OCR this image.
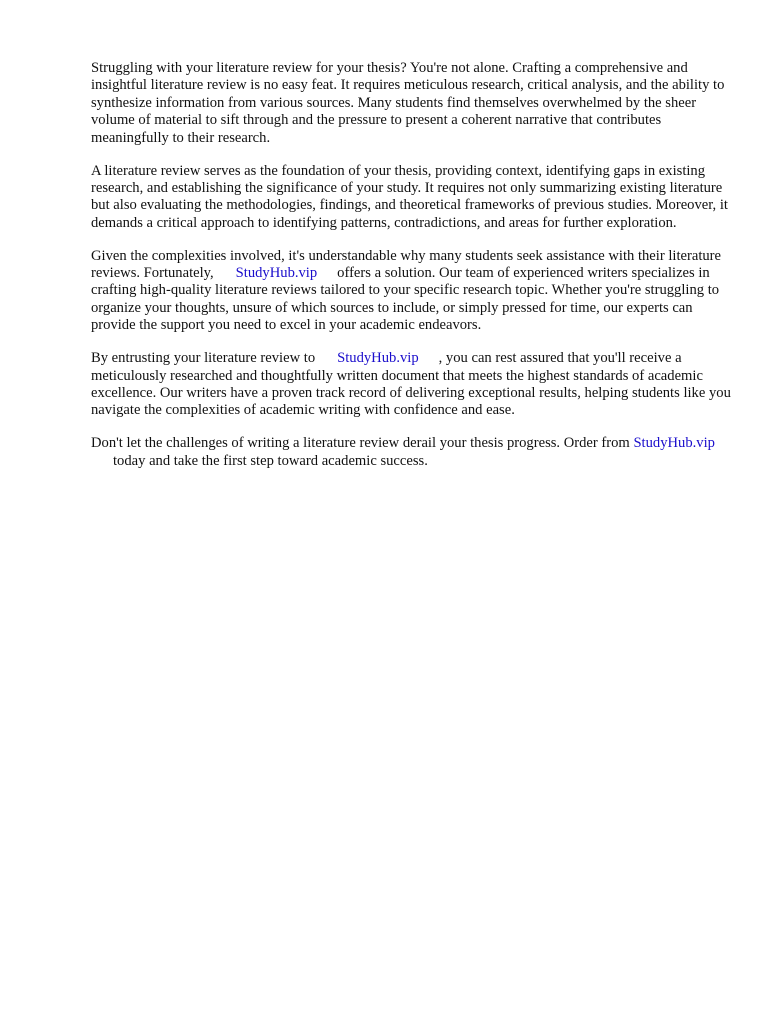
Struggling with your literature review for your thesis? You're not alone. Crafting a comprehensive and insightful literature review is no easy feat. It requires meticulous research, critical analysis, and the ability to synthesize information from various sources. Many students find themselves overwhelmed by the sheer volume of material to sift through and the pressure to present a coherent narrative that contributes meaningfully to their research.

A literature review serves as the foundation of your thesis, providing context, identifying gaps in existing research, and establishing the significance of your study. It requires not only summarizing existing literature but also evaluating the methodologies, findings, and theoretical frameworks of previous studies. Moreover, it demands a critical approach to identifying patterns, contradictions, and areas for further exploration.

Given the complexities involved, it's understandable why many students seek assistance with their literature reviews. Fortunately, StudyHub.vip offers a solution. Our team of experienced writers specializes in crafting high-quality literature reviews tailored to your specific research topic. Whether you're struggling to organize your thoughts, unsure of which sources to include, or simply pressed for time, our experts can provide the support you need to excel in your academic endeavors.

By entrusting your literature review to StudyHub.vip , you can rest assured that you'll receive a meticulously researched and thoughtfully written document that meets the highest standards of academic excellence. Our writers have a proven track record of delivering exceptional results, helping students like you navigate the complexities of academic writing with confidence and ease.

Don't let the challenges of writing a literature review derail your thesis progress. Order from StudyHub.viptoday and take the first step toward academic success.
